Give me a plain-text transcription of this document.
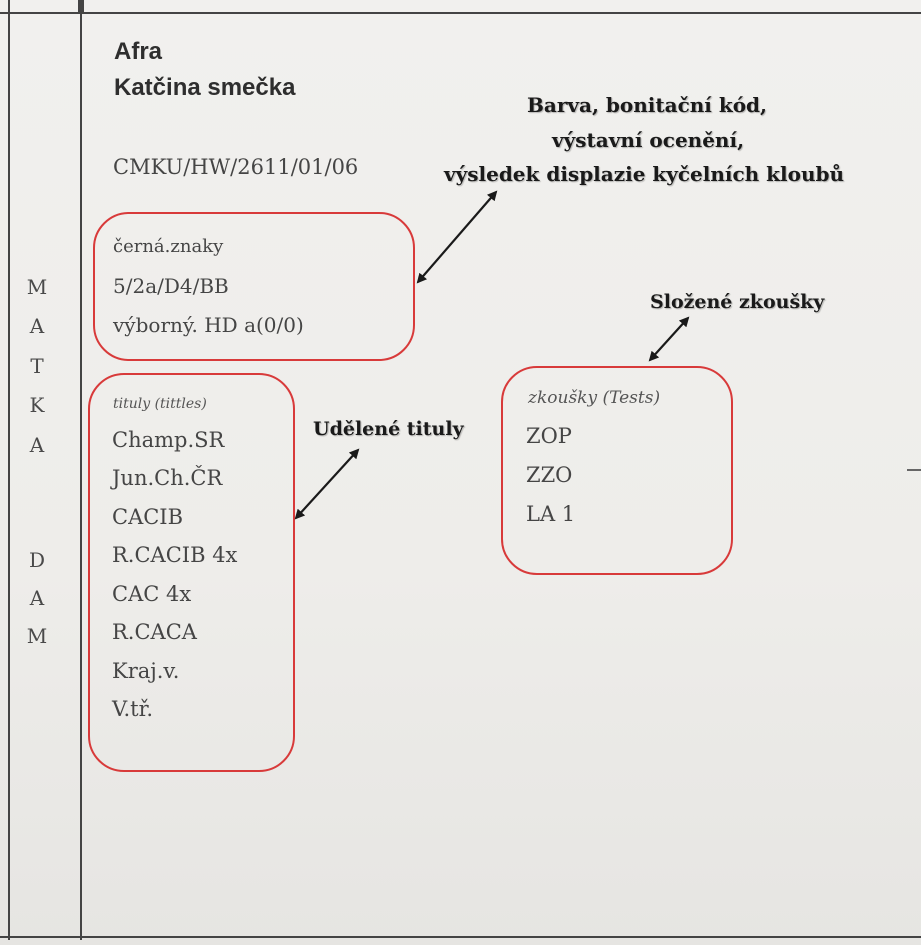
M
A
T
K
A
D
A
M
Afra
Katčina smečka
CMKU/HW/2611/01/06
černá.znaky
5/2a/D4/BB
výborný. HD a(0/0)
tituly (tittles)
Champ.SR
Jun.Ch.ČR
CACIB
R.CACIB 4x
CAC 4x
R.CACA
Kraj.v.
V.tř.
zkoušky (Tests)
ZOP
ZZO
LA 1
Barva, bonitační kód,
výstavní ocenění,
výsledek displazie kyčelních kloubů
Udělené tituly
Složené zkoušky
